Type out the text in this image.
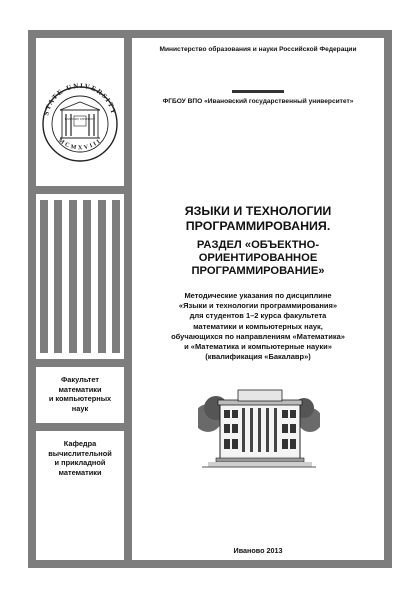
STATE UNIVERSITY
MCMXVIII
IVAN STATE UNIVERSITY
Факультет
математики
и компьютерных
наук
Кафедра
вычислительной
и прикладной
математики
Министерство образования и науки Российской Федерации
ФГБОУ ВПО «Ивановский государственный университет»
ЯЗЫКИ И ТЕХНОЛОГИИ
ПРОГРАММИРОВАНИЯ.
РАЗДЕЛ «ОБЪЕКТНО-
ОРИЕНТИРОВАННОЕ
ПРОГРАММИРОВАНИЕ»
Методические указания по дисциплине
«Языки и технологии программирования»
для студентов 1–2 курса факультета
математики и компьютерных наук,
обучающихся по направлениям «Математика»
и «Математика и компьютерные науки»
(квалификация «Бакалавр»)
Иваново 2013
